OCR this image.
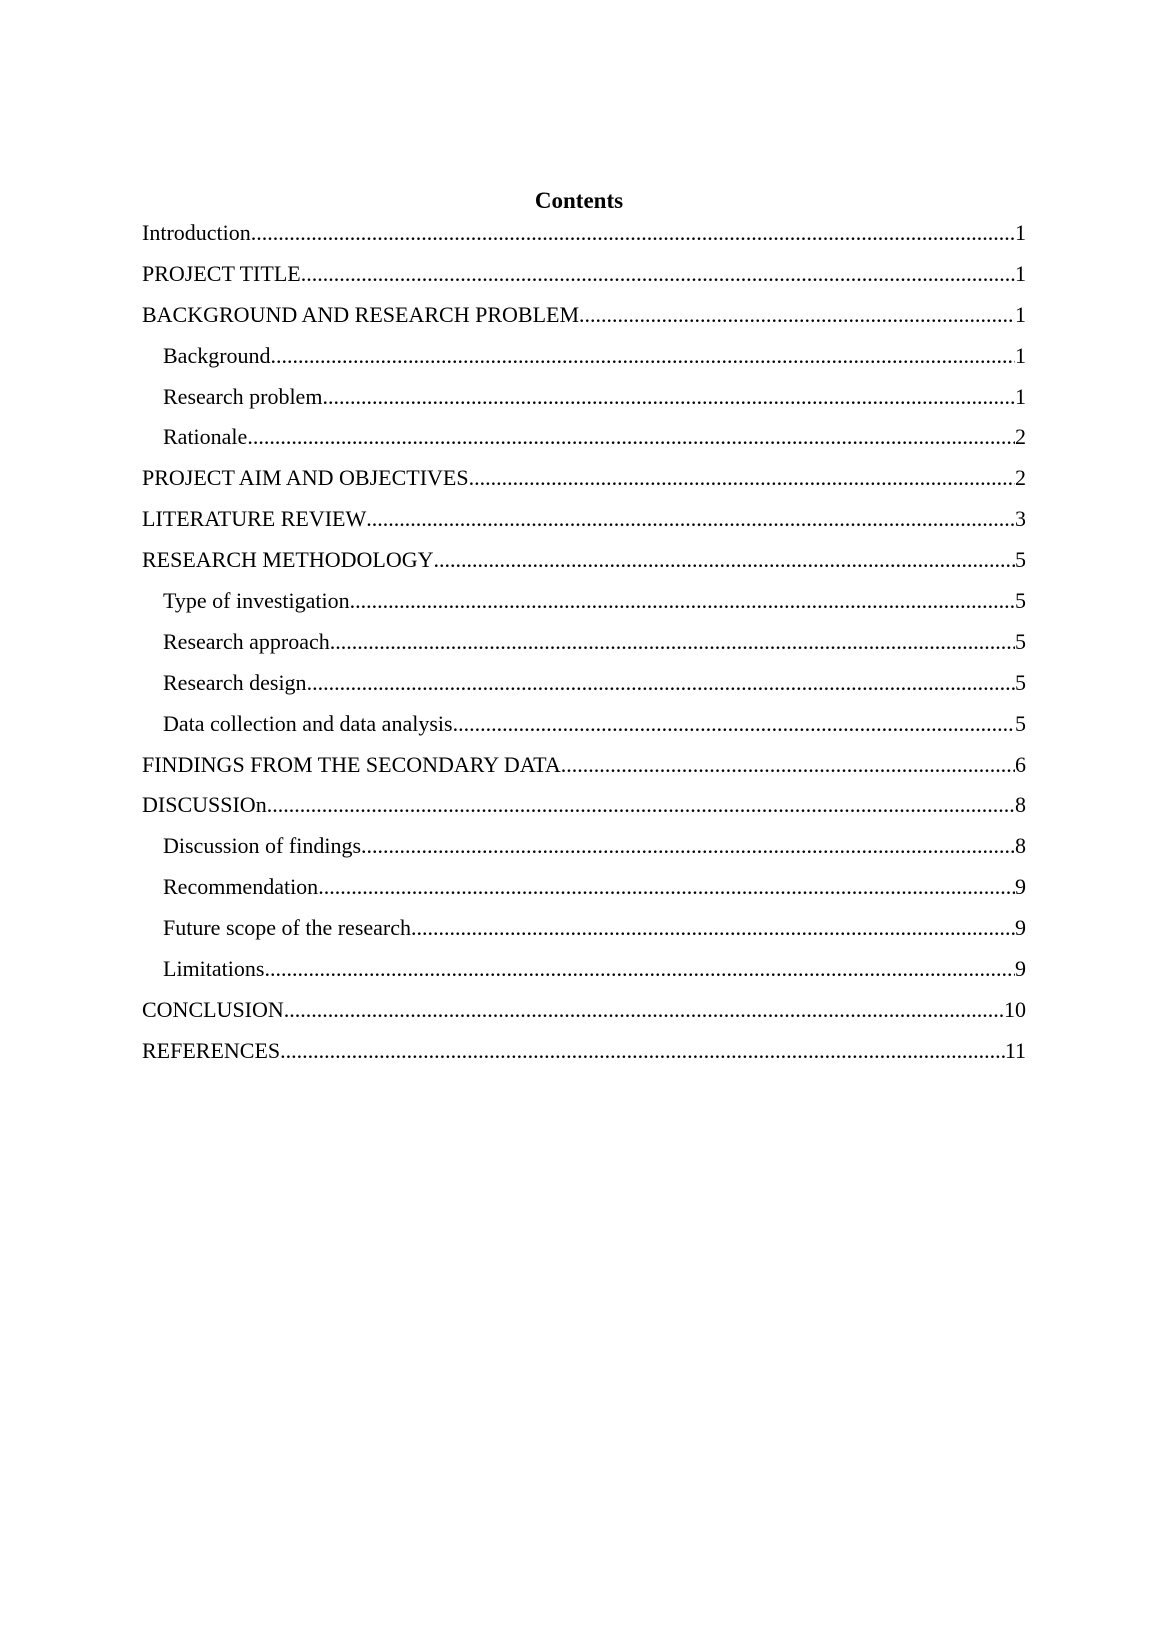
Contents
Introduction .....	1
PROJECT TITLE .....	1
BACKGROUND AND RESEARCH PROBLEM .....	1
Background .....	1
Research problem .....	1
Rationale .....	2
PROJECT AIM AND OBJECTIVES .....	2
LITERATURE REVIEW .....	3
RESEARCH METHODOLOGY .....	5
Type of investigation .....	5
Research approach .....	5
Research design .....	5
Data collection and data analysis .....	5
FINDINGS FROM THE SECONDARY DATA .....	6
DISCUSSIOn .....	8
Discussion of findings .....	8
Recommendation .....	9
Future scope of the research .....	9
Limitations .....	9
CONCLUSION .....	10
REFERENCES .....	11
